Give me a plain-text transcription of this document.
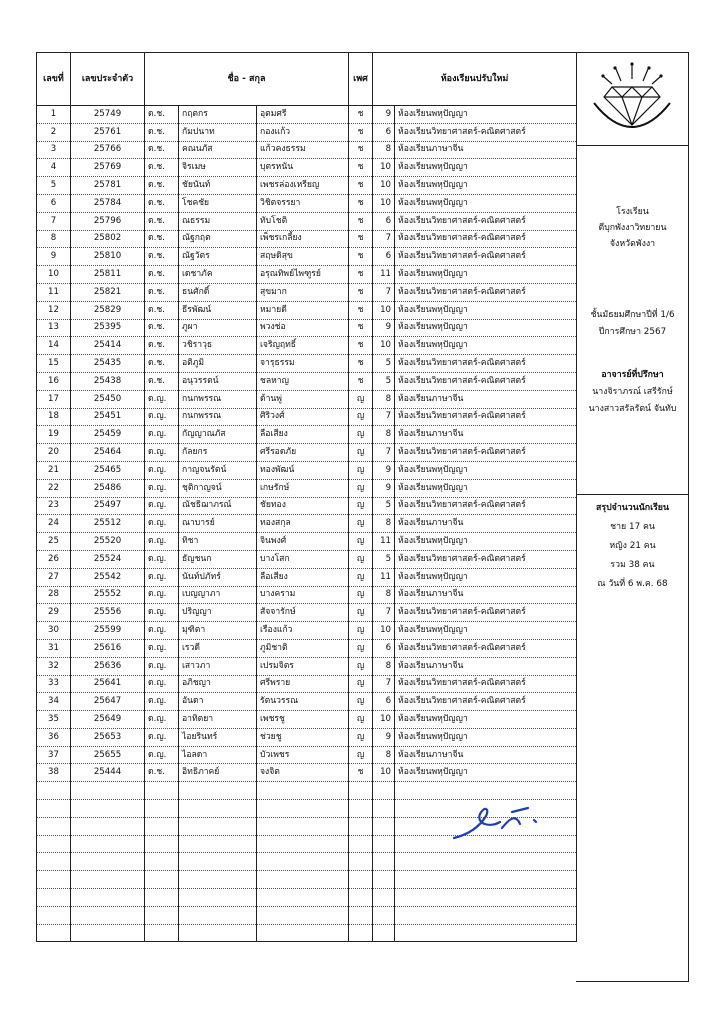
เลขที่	เลขประจำตัว	ชื่อ - สกุล			เพศ	ห้องเรียนปรับใหม่	
1	25749	ด.ช.	กฤตกร	อุตมศรี	ช	9	ห้องเรียนพหุปัญญา
2	25761	ด.ช.	กัมปนาท	กองแก้ว	ช	6	ห้องเรียนวิทยาศาสตร์-คณิตศาสตร์
3	25766	ด.ช.	คณนภัส	แก้วคงธรรม	ช	8	ห้องเรียนภาษาจีน
4	25769	ด.ช.	จิรเมษ	บุตรหนัน	ช	10	ห้องเรียนพหุปัญญา
5	25781	ด.ช.	ชัยนันท์	เพชรล่องเหรียญ	ช	10	ห้องเรียนพหุปัญญา
6	25784	ด.ช.	โชคชัย	วิชิตจรรยา	ช	10	ห้องเรียนพหุปัญญา
7	25796	ด.ช.	ณธรรม	ทับโชติ	ช	6	ห้องเรียนวิทยาศาสตร์-คณิตศาสตร์
8	25802	ด.ช.	ณัฐกฤต	เพ็ชรเกลี้ยง	ช	7	ห้องเรียนวิทยาศาสตร์-คณิตศาสตร์
9	25810	ด.ช.	ณัฐวัตร	สฤษดิสุข	ช	6	ห้องเรียนวิทยาศาสตร์-คณิตศาสตร์
10	25811	ด.ช.	เดชาภัค	อรุณทิพย์ไพฑูรย์	ช	11	ห้องเรียนพหุปัญญา
11	25821	ด.ช.	ธนศักดิ์	สุขมาก	ช	7	ห้องเรียนวิทยาศาสตร์-คณิตศาสตร์
12	25829	ด.ช.	ธีรพัฒน์	หมายดี	ช	10	ห้องเรียนพหุปัญญา
13	25395	ด.ช.	ภูผา	พวงช่อ	ช	9	ห้องเรียนพหุปัญญา
14	25414	ด.ช.	วชิราวุธ	เจริญฤทธิ์	ช	10	ห้องเรียนพหุปัญญา
15	25435	ด.ช.	อติภูมิ	จารุธรรม	ช	5	ห้องเรียนวิทยาศาสตร์-คณิตศาสตร์
16	25438	ด.ช.	อนุวรรตน์	ชลหาญ	ช	5	ห้องเรียนวิทยาศาสตร์-คณิตศาสตร์
17	25450	ด.ญ.	กนกพรรณ	ด้านพู่	ญ	8	ห้องเรียนภาษาจีน
18	25451	ด.ญ.	กนกพรรณ	ศิริวงศ์	ญ	7	ห้องเรียนวิทยาศาสตร์-คณิตศาสตร์
19	25459	ด.ญ.	กัญญาณภัส	ลือเสียง	ญ	8	ห้องเรียนภาษาจีน
20	25464	ด.ญ.	กัลยกร	ศรีรอดภัย	ญ	7	ห้องเรียนวิทยาศาสตร์-คณิตศาสตร์
21	25465	ด.ญ.	กาญจนรัตน์	ทองพัฒน์	ญ	9	ห้องเรียนพหุปัญญา
22	25486	ด.ญ.	ชุติกาญจน์	เกษรักษ์	ญ	9	ห้องเรียนพหุปัญญา
23	25497	ด.ญ.	ณัชธิฌาภรณ์	ชัยทอง	ญ	5	ห้องเรียนวิทยาศาสตร์-คณิตศาสตร์
24	25512	ด.ญ.	ณาบารย์	ทองสกุล	ญ	8	ห้องเรียนภาษาจีน
25	25520	ด.ญ.	ทิชา	จินพงศ์	ญ	11	ห้องเรียนพหุปัญญา
26	25524	ด.ญ.	ธัญชนก	บางโสก	ญ	5	ห้องเรียนวิทยาศาสตร์-คณิตศาสตร์
27	25542	ด.ญ.	นันท์ปภัทร์	ลือเสียง	ญ	11	ห้องเรียนพหุปัญญา
28	25552	ด.ญ.	เบญญาภา	บางคราม	ญ	8	ห้องเรียนภาษาจีน
29	25556	ด.ญ.	ปริญญา	สัจจารักษ์	ญ	7	ห้องเรียนวิทยาศาสตร์-คณิตศาสตร์
30	25599	ด.ญ.	มุฑิตา	เรืองแก้ว	ญ	10	ห้องเรียนพหุปัญญา
31	25616	ด.ญ.	เรวดี	ภูมิชาติ	ญ	6	ห้องเรียนวิทยาศาสตร์-คณิตศาสตร์
32	25636	ด.ญ.	เสาวภา	เปรมจิตร	ญ	8	ห้องเรียนภาษาจีน
33	25641	ด.ญ.	อภิชญา	ศรีพราย	ญ	7	ห้องเรียนวิทยาศาสตร์-คณิตศาสตร์
34	25647	ด.ญ.	อันดา	รัตนวรรณ	ญ	6	ห้องเรียนวิทยาศาสตร์-คณิตศาสตร์
35	25649	ด.ญ.	อาทิตยา	เพชรชู	ญ	10	ห้องเรียนพหุปัญญา
36	25653	ด.ญ.	ไอยรินทร์	ช่วยชู	ญ	9	ห้องเรียนพหุปัญญา
37	25655	ด.ญ.	ไอลดา	บัวเพชร	ญ	8	ห้องเรียนภาษาจีน
38	25444	ด.ช.	อิทธิภาคย์	จงจิต	ช	10	ห้องเรียนพหุปัญญา

โรงเรียน
ตีบุกพังงาวิทยายน
จังหวัดพังงา
ชั้นมัธยมศึกษาปีที่ 1/6
ปีการศึกษา 2567
อาจารย์ที่ปรึกษา
นางจิราภรณ์ เสรีรักษ์
นางสาวสรัลรัตน์ จันทับ
สรุปจำนวนนักเรียน
ชาย 17 คน
หญิง 21 คน
รวม 38 คน
ณ วันที่ 6 พ.ค. 68
